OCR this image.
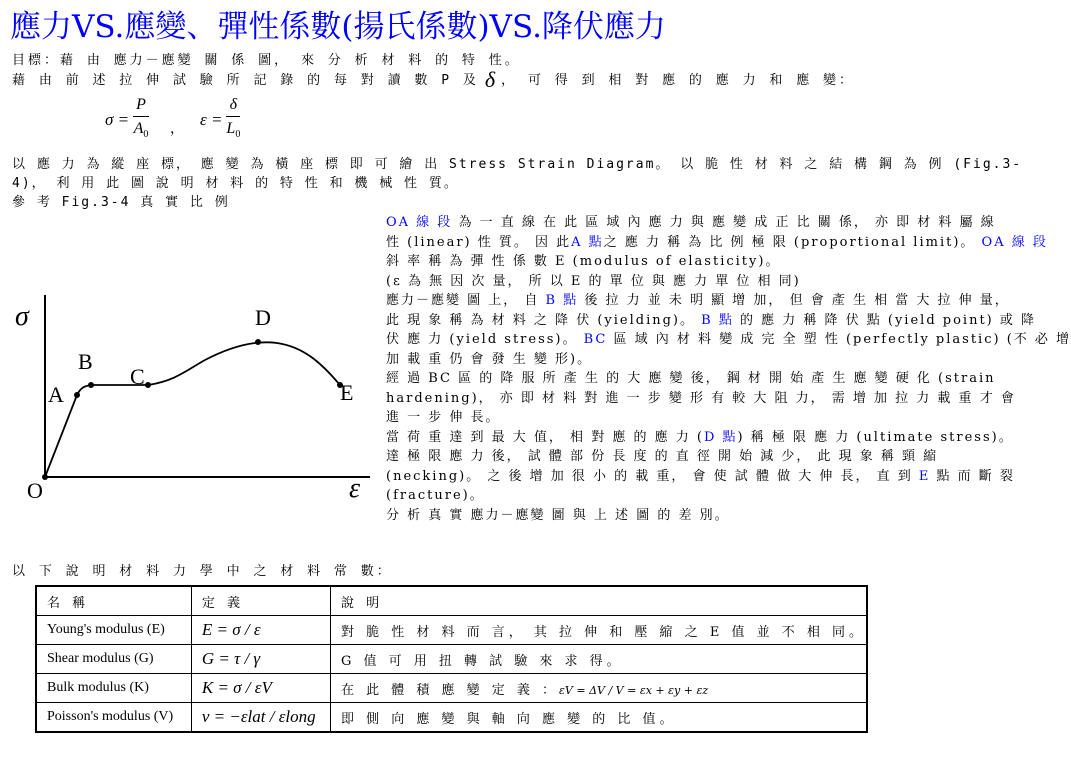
應力VS.應變、彈性係數(揚氏係數)VS.降伏應力
目標：藉 由 應力－應變 關 係 圖， 來 分 析 材 料 的 特 性。
藉 由 前 述 拉 伸 試 驗 所 記 錄 的 每 對 讀 數 P 及 δ ， 可 得 到 相 對 應 的 應 力 和 應 變：
$\sigma = \frac{P}{A_0}$ ， $\varepsilon = \frac{\delta}{L_0}$
以 應 力 為 縱 座 標， 應 變 為 橫 座 標 即 可 繪 出 Stress Strain Diagram。 以 脆 性 材 料 之 結 構 鋼 為 例 (Fig.3-
4)， 利 用 此 圖 說 明 材 料 的 特 性 和 機 械 性 質。
參 考 Fig.3-4 真 實 比 例
σ
ε
O
A
B
C
D
E

OA 線 段 為 一 直 線 在 此 區 域 內 應 力 與 應 變 成 正 比 關 係， 亦 即 材 料 屬 線

性 (linear) 性 質。 因 此A 點之 應 力 稱 為 比 例 極 限 (proportional limit)。 OA 線 段

斜 率 稱 為 彈 性 係 數 E (modulus of elasticity)。

(ε 為 無 因 次 量， 所 以 E 的 單 位 與 應 力 單 位 相 同)

應力－應變 圖 上， 自 B 點 後 拉 力 並 未 明 顯 增 加， 但 會 產 生 相 當 大 拉 伸 量，

此 現 象 稱 為 材 料 之 降 伏 (yielding)。 B 點 的 應 力 稱 降 伏 點 (yield point) 或 降

伏 應 力 (yield stress)。 BC 區 域 內 材 料 變 成 完 全 塑 性 (perfectly plastic) (不 必 增

加 載 重 仍 會 發 生 變 形)。

經 過 BC 區 的 降 服 所 產 生 的 大 應 變 後， 鋼 材 開 始 產 生 應 變 硬 化 (strain

hardening)， 亦 即 材 料 對 進 一 步 變 形 有 較 大 阻 力， 需 增 加 拉 力 載 重 才 會

進 一 步 伸 長。

當 荷 重 達 到 最 大 值， 相 對 應 的 應 力 (D 點) 稱 極 限 應 力 (ultimate stress)。

達 極 限 應 力 後， 試 體 部 份 長 度 的 直 徑 開 始 減 少， 此 現 象 稱 頸 縮

(necking)。 之 後 增 加 很 小 的 載 重， 會 使 試 體 做 大 伸 長， 直 到 E 點 而 斷 裂

(fracture)。

分 析 真 實 應力－應變 圖 與 上 述 圖 的 差 別。

以 下 說 明 材 料 力 學 中 之 材 料 常 數：
名 稱	定 義	說 明
Young's modulus (E)	E = σ / ε	對 脆 性 材 料 而 言， 其 拉 伸 和 壓 縮 之 E 值 並 不 相 同。
Shear modulus (G)	G = τ / γ	G 值 可 用 扭 轉 試 驗 來 求 得。
Bulk modulus (K)	K = σ / εV	在 此 體 積 應 變 定 義 ：εV = ΔV / V = εx + εy + εz
Poisson's modulus (V)	ν = −εlat / εlong	即 側 向 應 變 與 軸 向 應 變 的 比 值。
